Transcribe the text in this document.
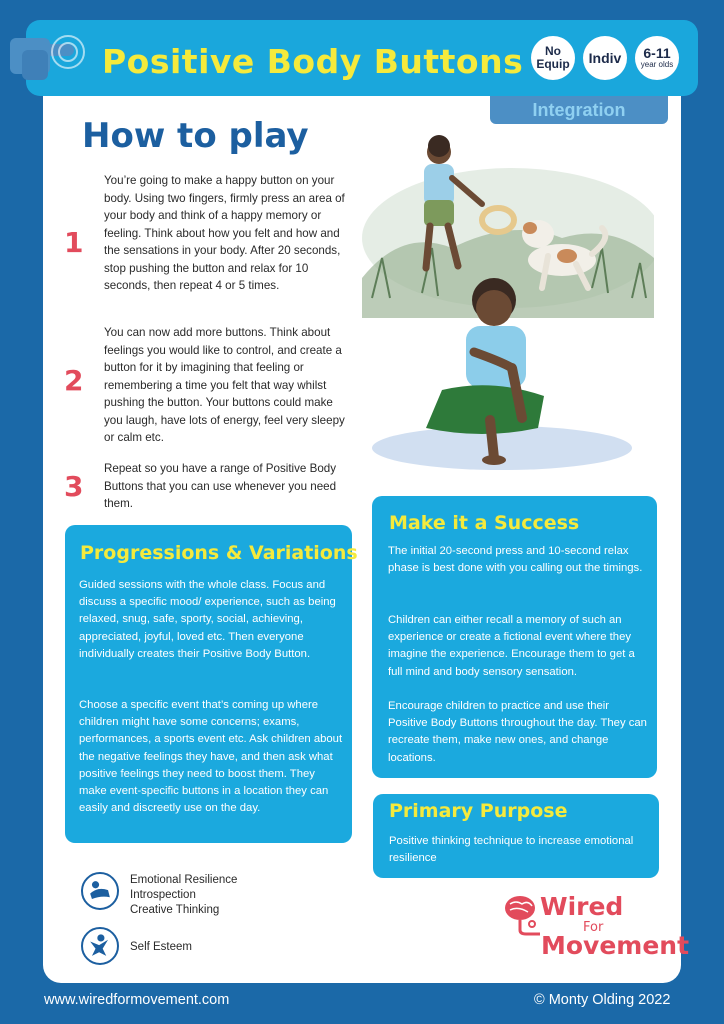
Positive Body Buttons No
Equip Indiv 6-11
year olds
Integration
How to play
1
You’re going to make a happy button on your body. Using two fingers, firmly press an area of your body and think of a happy memory or feeling. Think about how you felt and how and the sensations in your body. After 20 seconds, stop pushing the button and relax for 10 seconds, then repeat 4 or 5 times.
2
You can now add more buttons. Think about feelings you would like to control, and create a button for it by imagining that feeling or remembering a time you felt that way whilst pushing the button. Your buttons could make you laugh, have lots of energy, feel very sleepy or calm etc.
3
Repeat so you have a range of Positive Body Buttons that you can use whenever you need them.
Progressions & Variations
Guided sessions with the whole class. Focus and discuss a specific mood/ experience, such as being relaxed, snug, safe, sporty, social, achieving, appreciated, joyful, loved etc. Then everyone individually creates their Positive Body Button.
Choose a specific event that’s coming up where children might have some concerns; exams, performances, a sports event etc. Ask children about the negative feelings they have, and then ask what positive feelings they need to boost them. They make event-specific buttons in a location they can easily and discreetly use on the day.
Make it a Success
The initial 20-second press and 10-second relax phase is best done with you calling out the timings.
Children can either recall a memory of such an experience or create a fictional event where they imagine the experience. Encourage them to get a full mind and body sensory sensation.
Encourage children to practice and use their Positive Body Buttons throughout the day. They can recreate them, make new ones, and change locations.
Primary Purpose
Positive thinking technique to increase emotional resilience
Emotional Resilience
Introspection
Creative Thinking
Self Esteem
Wired
For
Movement
www.wiredformovement.com	© Monty Olding 2022
